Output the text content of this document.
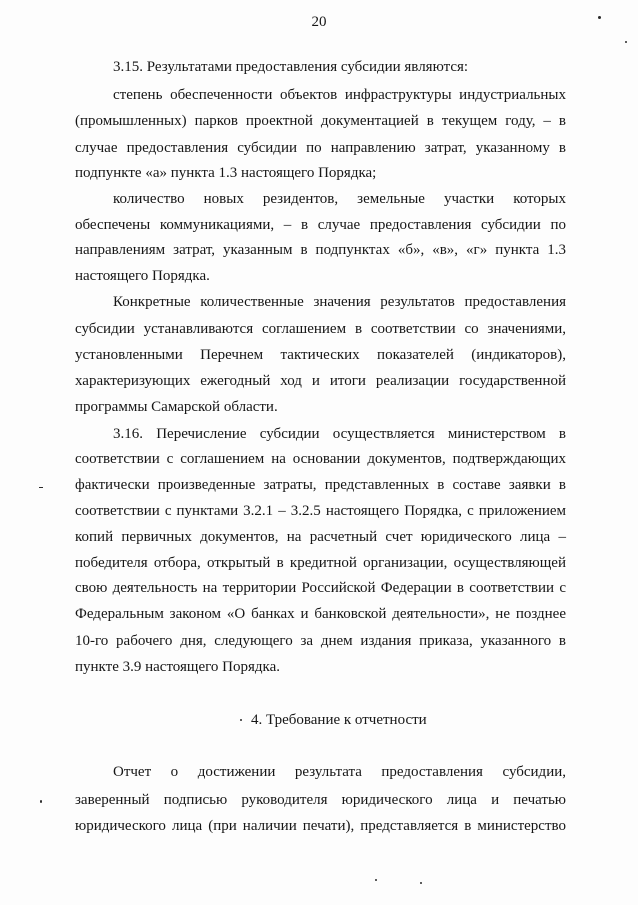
20
3.15. Результатами предоставления субсидии являются:
степень обеспеченности объектов инфраструктуры индустриальных
(промышленных) парков проектной документацией в текущем году, – в
случае предоставления субсидии по направлению затрат, указанному в
подпункте «а» пункта 1.3 настоящего Порядка;
количество новых резидентов, земельные участки которых
обеспечены коммуникациями, – в случае предоставления субсидии по
направлениям затрат, указанным в подпунктах «б», «в», «г» пункта 1.3
настоящего Порядка.
Конкретные количественные значения результатов предоставления
субсидии устанавливаются соглашением в соответствии со значениями,
установленными Перечнем тактических показателей (индикаторов),
характеризующих ежегодный ход и итоги реализации государственной
программы Самарской области.
3.16. Перечисление субсидии осуществляется министерством в
соответствии с соглашением на основании документов, подтверждающих
фактически произведенные затраты, представленных в составе заявки в
соответствии с пунктами 3.2.1 – 3.2.5 настоящего Порядка, с приложением
копий первичных документов, на расчетный счет юридического лица –
победителя отбора, открытый в кредитной организации, осуществляющей
свою деятельность на территории Российской Федерации в соответствии с
Федеральным законом «О банках и банковской деятельности», не позднее
10-го рабочего дня, следующего за днем издания приказа, указанного в
пункте 3.9 настоящего Порядка.
4. Требование к отчетности
Отчет о достижении результата предоставления субсидии,
заверенный подписью руководителя юридического лица и печатью
юридического лица (при наличии печати), представляется в министерство
